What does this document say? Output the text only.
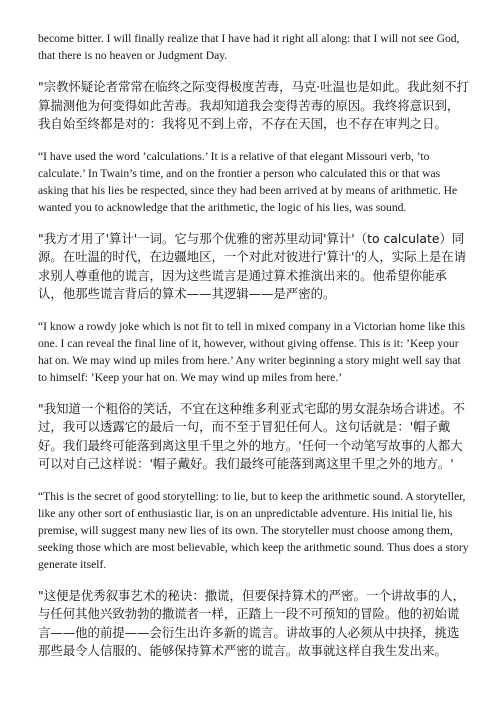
become bitter. I will finally realize that I have had it right all along: that I will not see God, that there is no heaven or Judgment Day.

"宗教怀疑论者常常在临终之际变得极度苦毒，马克·吐温也是如此。我此刻不打算揣测他为何变得如此苦毒。我却知道我会变得苦毒的原因。我终将意识到，我自始至终都是对的：我将见不到上帝，不存在天国，也不存在审判之日。

“I have used the word ’calculations.’ It is a relative of that elegant Missouri verb, ’to calculate.’ In Twain’s time, and on the frontier a person who calculated this or that was asking that his lies be respected, since they had been arrived at by means of arithmetic. He wanted you to acknowledge that the arithmetic, the logic of his lies, was sound.

"我方才用了'算计'一词。它与那个优雅的密苏里动词'算计'（to calculate）同源。在吐温的时代，在边疆地区，一个对此对彼进行'算计'的人，实际上是在请求别人尊重他的谎言，因为这些谎言是通过算术推演出来的。他希望你能承认，他那些谎言背后的算术——其逻辑——是严密的。

“I know a rowdy joke which is not fit to tell in mixed company in a Victorian home like this one. I can reveal the final line of it, however, without giving offense. This is it: ’Keep your hat on. We may wind up miles from here.’ Any writer beginning a story might well say that to himself: ’Keep your hat on. We may wind up miles from here.’

"我知道一个粗俗的笑话，不宜在这种维多利亚式宅邸的男女混杂场合讲述。不过，我可以透露它的最后一句，而不至于冒犯任何人。这句话就是：'帽子戴好。我们最终可能落到离这里千里之外的地方。'任何一个动笔写故事的人都大可以对自己这样说：'帽子戴好。我们最终可能落到离这里千里之外的地方。'

“This is the secret of good storytelling: to lie, but to keep the arithmetic sound. A storyteller, like any other sort of enthusiastic liar, is on an unpredictable adventure. His initial lie, his premise, will suggest many new lies of its own. The storyteller must choose among them, seeking those which are most believable, which keep the arithmetic sound. Thus does a story generate itself.

"这便是优秀叙事艺术的秘诀：撒谎，但要保持算术的严密。一个讲故事的人，与任何其他兴致勃勃的撒谎者一样，正踏上一段不可预知的冒险。他的初始谎言——他的前提——会衍生出许多新的谎言。讲故事的人必须从中抉择，挑选那些最令人信服的、能够保持算术严密的谎言。故事就这样自我生发出来。
